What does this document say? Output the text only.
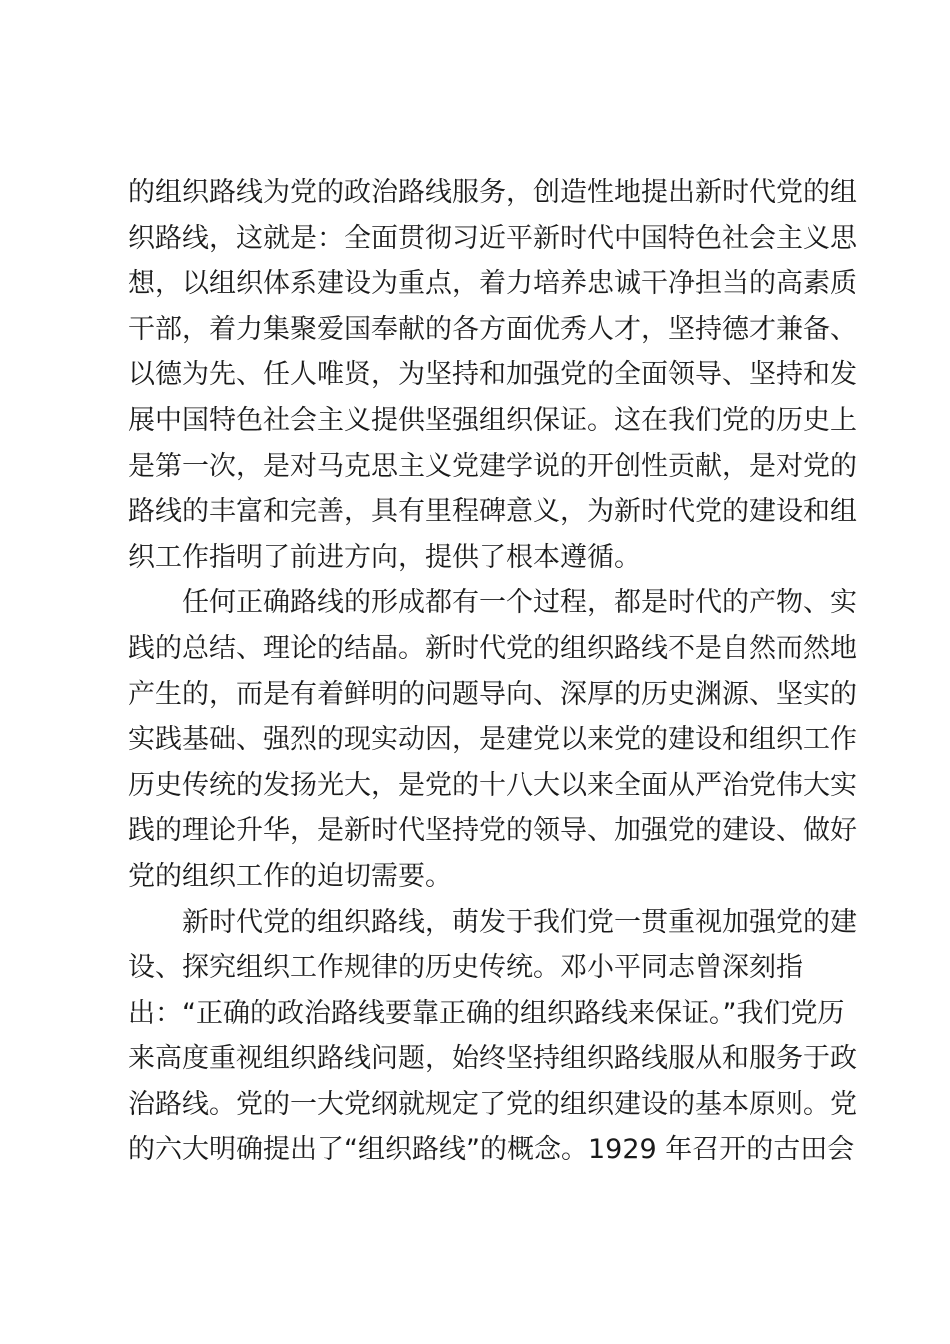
的组织路线为党的政治路线服务，创造性地提出新时代党的组
织路线，这就是：全面贯彻习近平新时代中国特色社会主义思
想，以组织体系建设为重点，着力培养忠诚干净担当的高素质
干部，着力集聚爱国奉献的各方面优秀人才，坚持德才兼备、
以德为先、任人唯贤，为坚持和加强党的全面领导、坚持和发
展中国特色社会主义提供坚强组织保证。这在我们党的历史上
是第一次，是对马克思主义党建学说的开创性贡献，是对党的
路线的丰富和完善，具有里程碑意义，为新时代党的建设和组
织工作指明了前进方向，提供了根本遵循。
任何正确路线的形成都有一个过程，都是时代的产物、实
践的总结、理论的结晶。新时代党的组织路线不是自然而然地
产生的，而是有着鲜明的问题导向、深厚的历史渊源、坚实的
实践基础、强烈的现实动因，是建党以来党的建设和组织工作
历史传统的发扬光大，是党的十八大以来全面从严治党伟大实
践的理论升华，是新时代坚持党的领导、加强党的建设、做好
党的组织工作的迫切需要。
新时代党的组织路线，萌发于我们党一贯重视加强党的建
设、探究组织工作规律的历史传统。邓小平同志曾深刻指
出：“正确的政治路线要靠正确的组织路线来保证。”我们党历
来高度重视组织路线问题，始终坚持组织路线服从和服务于政
治路线。党的一大党纲就规定了党的组织建设的基本原则。党
的六大明确提出了“组织路线”的概念。1929 年召开的古田会
